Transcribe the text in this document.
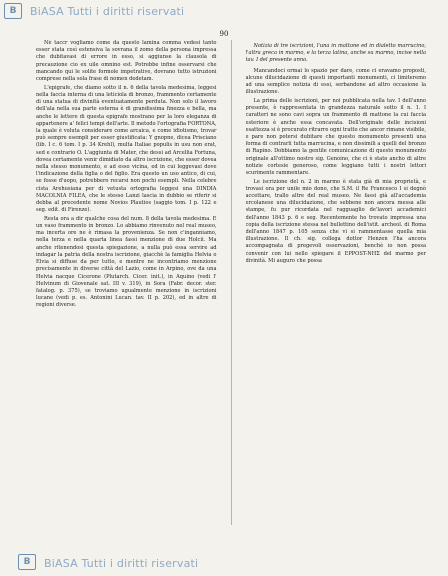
B	BiASA Tutti i diritti riservati
90

Nè taccr vogliamo come da questo lamina comma vedesi tanto esser stata così estensiva la sovrana il zomo della persona impressa che dubitavasi di errore in esso, si aggiunse la clausola di precauzione cio ex uile omnino est. Potrebbe infine osservarsi che mancando qui le solite formole impetrative, dovrano tutto istruzioni comprese nella sola frase di nomen dedetam.

L'epigrafe, che diamo sotto il n. 6 della tavola medesima, leggesi nella faccia interna di una leticiola di bronzo, frammento certamente di una statua di divinità eventuatamente perduta. Non solo il lavoro dell'ala nella sua parte esterna è di grandissima finezza e bella, ma anche le lettere di questa epigrafe mostrano per la loro eleganza di appartenere a' felici tempi dell'arte. Il metodo l'ortografia FORTONA, la quale è voluta considerare come arcaica, e come idiotismo, trovar può sempre esempli per esser giustificata: Y gnopne, dicea Prisciano (lib. I c. 6 tom. I p. 34 Krehl), multa Italiae populis in usu non erat, sed e contrario O. L'aggiunta di Mater, che dessi ad Arcellia Fortuna, dovea certamente venir dimidiato da altro iscrizione, che esser dovea nella stesso monumento, e ad esso vicina, ed in cui leggevasi dove l'indicazione della figlia o del figlio. Era questo un uso antico, di cui, se fosse d'uopo, potrebbero recarsi non pochi esempli. Nella celebre cista Arehusiana per di vetusta ortografia leggesi una DINDIA MACOLNIA FILEA, che le stesso Lanzi lascia in dubbio se riferir si debba al precedente nome Novios Plautios (saggio tom. I p. 122 e seg. edit. di Firenze).

Resta ora a dir qualche cosa del num. 8 della tavola medesima. E un vaso frammento in bronzo. Lo abbiamo rinvenuto nel real museo, ma incerta ore ne è rimasa la provenienza. Se non c'inganniamo, nella terza e nella quarta linea fassi menzione di due Holcii. Ma anche ritenendosi questa spiegazione, a nulla può essa servire ad indagar la patria della nostra iscrizione, giacchè la famiglia Helvia o Elvia si diffuse da per tutto, e mentre ne incontriamo menzione precisamente in diverse città del Lazio, come in Arpino, ove da una Helvia nacque Cicerone (Plutarch. Cicer. init.), in Aquino (vedi l' Helvinum di Giovenale sat. III v. 319), in Sora (Fabr. decor. ster. fatalog. p. 375), se troviamo ugualmente menzione in iscrizioni lucane (vedi p. es. Antonini Lucan. tav. II p. 202), ed in altre di regioni diverse.

Notizia di tre iscrizioni, l'una in mattone ed in dialetto marrucino, l'altra greca in marmo, e la terza latina, anche su marmo, incise nella tav. I del presente anno.

Mancandoci ormai lo spazio per dare, come ci eravamo proposti, alcune dilucidazione di questi importanti monumenti, ci limiteremo ad una semplice notizia di essi, serbandone ad altro occasione la illustrazione.

La prima delle iscrizioni, per noi pubblicata nella tav. I dell'anno presente, è rappresentata in grandezza naturale sotto il n. 1. I caratteri ne sono cavi sopra un frammento di mattone la cui faccia esteriore è anche essa concavata. Dell'originale delle incisioni esattezza si è procurato ritrarre ogni tratto che ancor rimane visibile, e pare non potersi dubitare che questo monumento presenti una forma di contrarli tutta marrucina, e non dissimili a quelli del bronzo di Rapino. Dobbiamo la gentile comunicazione di questo monumento originale all'ottimo nostro sig. Genoino, che ci è stato ancho di altre notizie cortesie generoso, come leggiano tutti i nostri lettori scurimente rammentare.

Le iscrizione del n. 2 in marmo è stata già di mia proprietà, e trovasi ora per unile mio dono, che S.M. il Re Francesco I si degnò accettare, trallo altre del real museo. Ne fassi già all'accademia ercolanese una dilucidazione, che sebbene non ancora messa alle stampe, fu pur ricordata nel ragguaglio de'lavori accademici dell'anno 1843 p. 6 e seg. Recentemente ho trovato impressa una copia della iscrizione stessa nel bullettino dell'istit. archeol. di Roma dell'anno 1847 p. 105 senza che vi si rammentasse quella mia illustrazione. Il ch. sig. collega dottor Henzen l'ha ancora accompagnata di pregevoli osservazioni, benchè io non possa convenir con lui nello spiegare il EPPOST-NHΣ del marmo per divinità. Mi auguro che possa

B	BiASA Tutti i diritti riservati
